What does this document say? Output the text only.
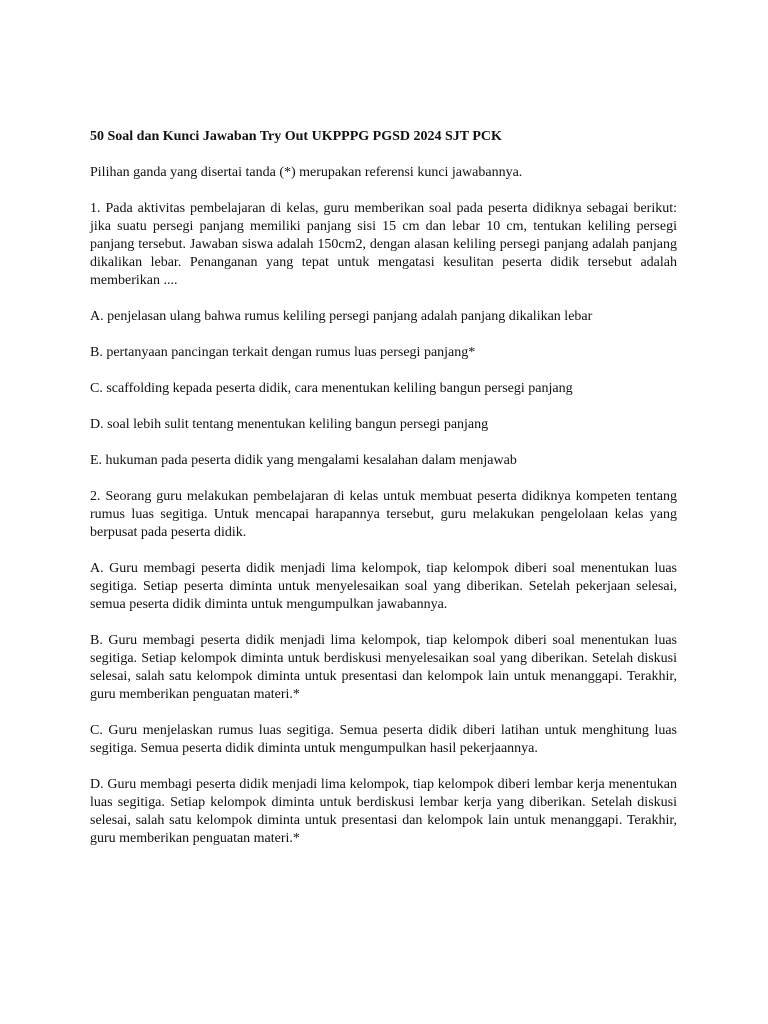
50 Soal dan Kunci Jawaban Try Out UKPPPG PGSD 2024 SJT PCK

Pilihan ganda yang disertai tanda (*) merupakan referensi kunci jawabannya.

1. Pada aktivitas pembelajaran di kelas, guru memberikan soal pada peserta didiknya sebagai berikut: jika suatu persegi panjang memiliki panjang sisi 15 cm dan lebar 10 cm, tentukan keliling persegi panjang tersebut. Jawaban siswa adalah 150cm2, dengan alasan keliling persegi panjang adalah panjang dikalikan lebar. Penanganan yang tepat untuk mengatasi kesulitan peserta didik tersebut adalah memberikan ....

A. penjelasan ulang bahwa rumus keliling persegi panjang adalah panjang dikalikan lebar

B. pertanyaan pancingan terkait dengan rumus luas persegi panjang*

C. scaffolding kepada peserta didik, cara menentukan keliling bangun persegi panjang

D. soal lebih sulit tentang menentukan keliling bangun persegi panjang

E. hukuman pada peserta didik yang mengalami kesalahan dalam menjawab

2. Seorang guru melakukan pembelajaran di kelas untuk membuat peserta didiknya kompeten tentang rumus luas segitiga. Untuk mencapai harapannya tersebut, guru melakukan pengelolaan kelas yang berpusat pada peserta didik.

A. Guru membagi peserta didik menjadi lima kelompok, tiap kelompok diberi soal menentukan luas segitiga. Setiap peserta diminta untuk menyelesaikan soal yang diberikan. Setelah pekerjaan selesai, semua peserta didik diminta untuk mengumpulkan jawabannya.

B. Guru membagi peserta didik menjadi lima kelompok, tiap kelompok diberi soal menentukan luas segitiga. Setiap kelompok diminta untuk berdiskusi menyelesaikan soal yang diberikan. Setelah diskusi selesai, salah satu kelompok diminta untuk presentasi dan kelompok lain untuk menanggapi. Terakhir, guru memberikan penguatan materi.*

C. Guru menjelaskan rumus luas segitiga. Semua peserta didik diberi latihan untuk menghitung luas segitiga. Semua peserta didik diminta untuk mengumpulkan hasil pekerjaannya.

D. Guru membagi peserta didik menjadi lima kelompok, tiap kelompok diberi lembar kerja menentukan luas segitiga. Setiap kelompok diminta untuk berdiskusi lembar kerja yang diberikan. Setelah diskusi selesai, salah satu kelompok diminta untuk presentasi dan kelompok lain untuk menanggapi. Terakhir, guru memberikan penguatan materi.*
